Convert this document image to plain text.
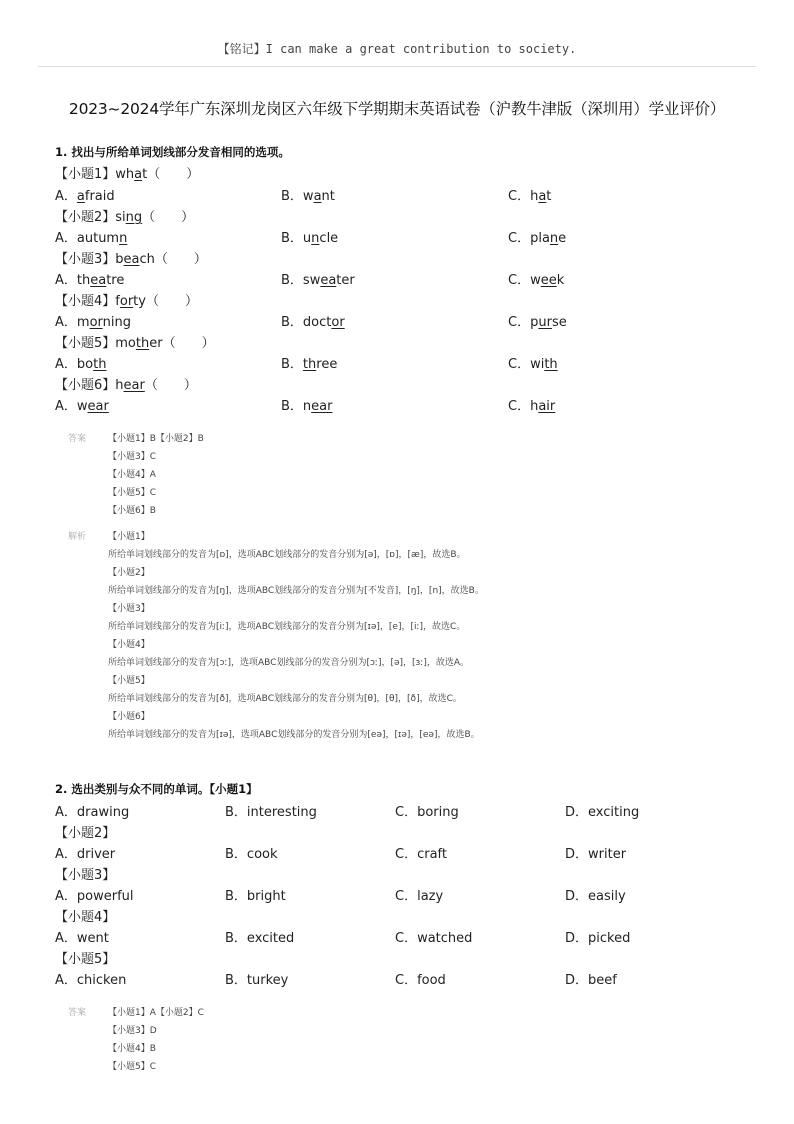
【铭记】I can make a great contribution to society.
2023~2024学年广东深圳龙岗区六年级下学期期末英语试卷（沪教牛津版（深圳用）学业评价）
1. 找出与所给单词划线部分发音相同的选项。
【小题1】what（　　）
A．afraid	B．want	C．hat
【小题2】sing（　　）
A．autumn	B．uncle	C．plane
【小题3】beach（　　）
A．theatre	B．sweater	C．week
【小题4】forty（　　）
A．morning	B．doctor	C．purse
【小题5】mother（　　）
A．both	B．three	C．with
【小题6】hear（　　）
A．wear	B．near	C．hair
答案 【小题1】B【小题2】B
【小题3】C
【小题4】A
【小题5】C
【小题6】B
解析 【小题1】
所给单词划线部分的发音为[ɒ]，选项ABC划线部分的发音分别为[ə]，[ɒ]，[æ]，故选B。
【小题2】
所给单词划线部分的发音为[ŋ]，选项ABC划线部分的发音分别为[不发音]，[ŋ]，[n]，故选B。
【小题3】
所给单词划线部分的发音为[iː]，选项ABC划线部分的发音分别为[ɪə]，[e]，[iː]，故选C。
【小题4】
所给单词划线部分的发音为[ɔː]，选项ABC划线部分的发音分别为[ɔː]，[ə]，[ɜː]，故选A。
【小题5】
所给单词划线部分的发音为[ð]，选项ABC划线部分的发音分别为[θ]，[θ]，[ð]，故选C。
【小题6】
所给单词划线部分的发音为[ɪə]，选项ABC划线部分的发音分别为[eə]，[ɪə]，[eə]，故选B。
2. 选出类别与众不同的单词。【小题1】
A．drawing	B．interesting	C．boring	D．exciting
【小题2】
A．driver	B．cook	C．craft	D．writer
【小题3】
A．powerful	B．bright	C．lazy	D．easily
【小题4】
A．went	B．excited	C．watched	D．picked
【小题5】
A．chicken	B．turkey	C．food	D．beef
答案 【小题1】A【小题2】C
【小题3】D
【小题4】B
【小题5】C
